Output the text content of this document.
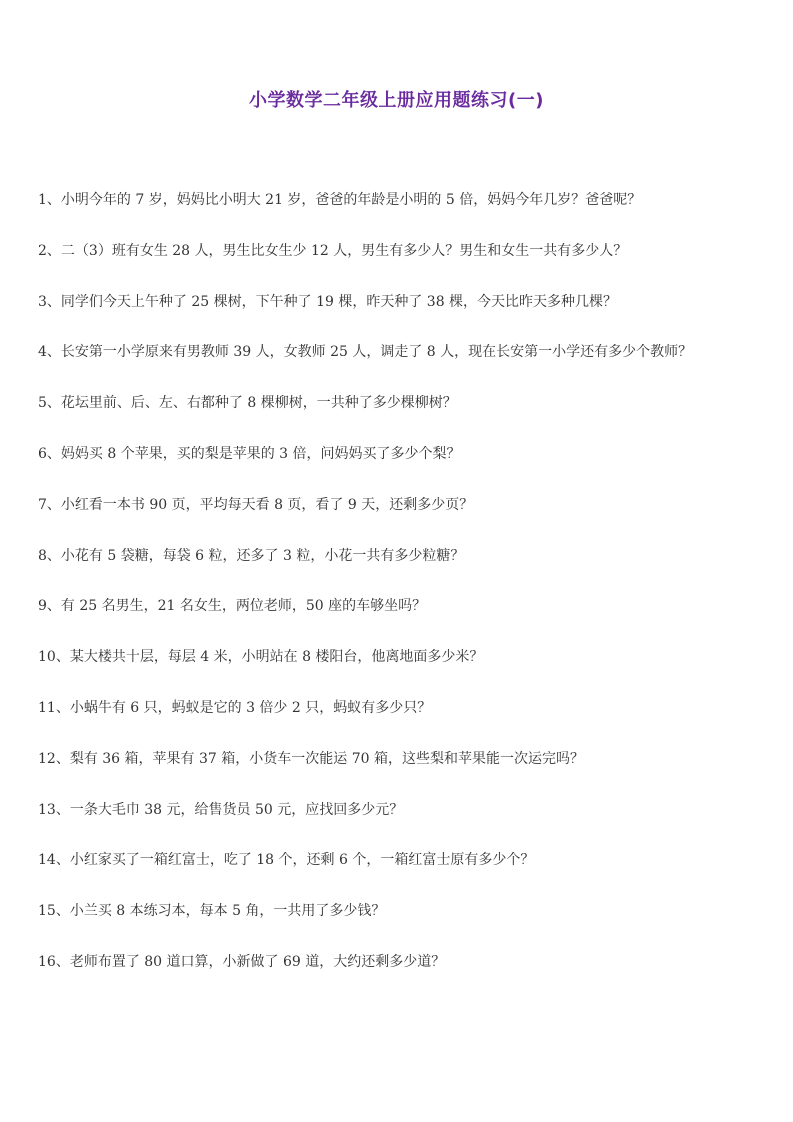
小学数学二年级上册应用题练习(一)
1、小明今年的 7 岁，妈妈比小明大 21 岁，爸爸的年龄是小明的 5 倍，妈妈今年几岁？爸爸呢？
2、二（3）班有女生 28 人，男生比女生少 12 人，男生有多少人？男生和女生一共有多少人？
3、同学们今天上午种了 25 棵树，下午种了 19 棵，昨天种了 38 棵，今天比昨天多种几棵？
4、长安第一小学原来有男教师 39 人，女教师 25 人，调走了 8 人，现在长安第一小学还有多少个教师？
5、花坛里前、后、左、右都种了 8 棵柳树，一共种了多少棵柳树？
6、妈妈买 8 个苹果，买的梨是苹果的 3 倍，问妈妈买了多少个梨？
7、小红看一本书 90 页，平均每天看 8 页，看了 9 天，还剩多少页？
8、小花有 5 袋糖，每袋 6 粒，还多了 3 粒，小花一共有多少粒糖？
9、有 25 名男生，21 名女生，两位老师，50 座的车够坐吗？
10、某大楼共十层，每层 4 米，小明站在 8 楼阳台，他离地面多少米？
11、小蜗牛有 6 只，蚂蚁是它的 3 倍少 2 只，蚂蚁有多少只？
12、梨有 36 箱，苹果有 37 箱，小货车一次能运 70 箱，这些梨和苹果能一次运完吗？
13、一条大毛巾 38 元，给售货员 50 元，应找回多少元？
14、小红家买了一箱红富士，吃了 18 个，还剩 6 个，一箱红富士原有多少个？
15、小兰买 8 本练习本，每本 5 角，一共用了多少钱？
16、老师布置了 80 道口算，小新做了 69 道，大约还剩多少道？
